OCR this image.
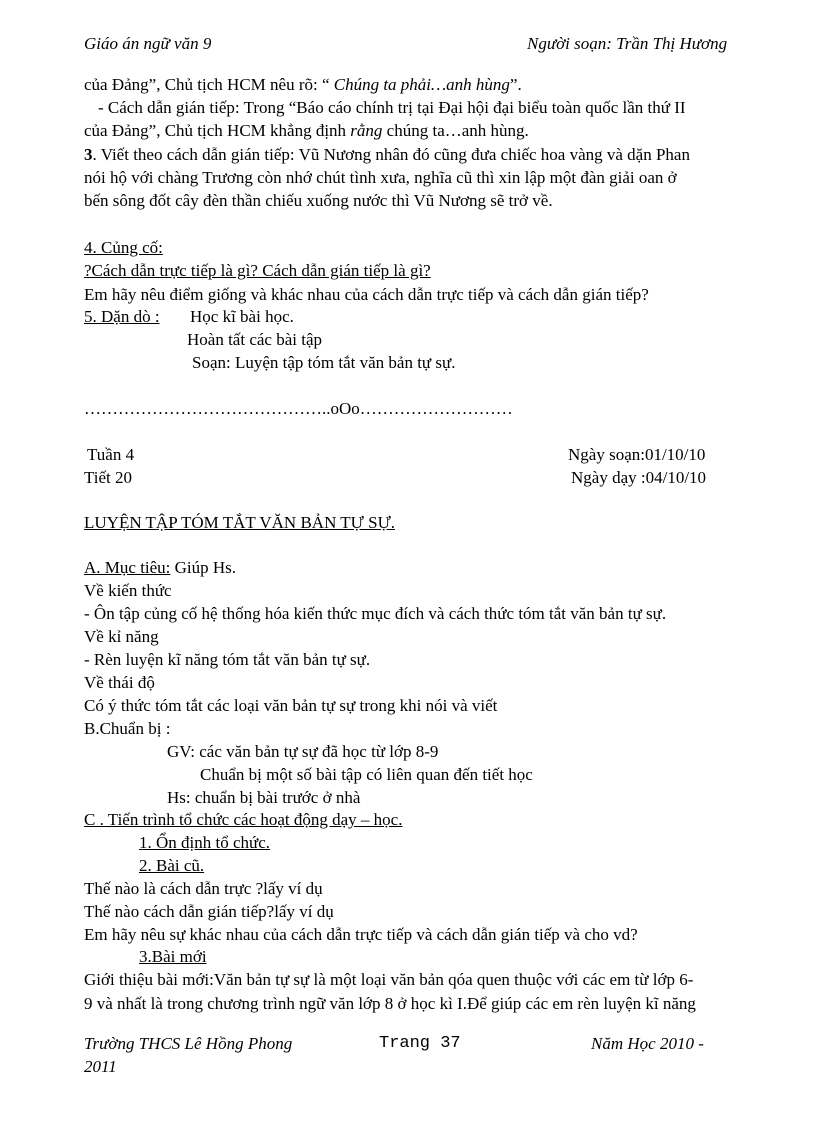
Giáo án ngữ văn 9	Người soạn: Trần Thị Hương
của Đảng”, Chủ tịch HCM nêu rõ: “ Chúng ta phải…anh hùng”.
- Cách dẫn gián tiếp: Trong “Báo cáo chính trị tại Đại hội đại biểu toàn quốc lần thứ II
của Đảng”, Chủ tịch HCM khẳng định rằng chúng ta…anh hùng.
3. Viết theo cách dẫn gián tiếp: Vũ Nương nhân đó cũng đưa chiếc hoa vàng và dặn Phan
nói hộ với chàng Trương còn nhớ chút tình xưa, nghĩa cũ thì xin lập một đàn giải oan ở
bến sông đốt cây đèn thần chiếu xuống nước thì Vũ Nương sẽ trở về.
4. Củng cố:
?Cách dẫn trực tiếp là gì? Cách dẫn gián tiếp là gì?
Em hãy nêu điểm giống và khác nhau của cách dẫn trực tiếp và cách dẫn gián tiếp?
5. Dặn dò : Học kĩ bài học.
Hoàn tất các bài tập
Soạn: Luyện tập tóm tắt văn bản tự sự.
……………………………………..oOo………………………
Tuần 4	Ngày soạn:01/10/10
Tiết 20	Ngày dạy :04/10/10
LUYỆN TẬP TÓM TẮT VĂN BẢN TỰ SỰ.
A. Mục tiêu: Giúp Hs.
Về kiến thức
- Ôn tập củng cố hệ thống hóa kiến thức mục đích và cách thức tóm tắt văn bản tự sự.
Về kỉ năng
- Rèn luyện kĩ năng tóm tắt văn bản tự sự.
Về thái độ
Có ý thức tóm tắt các loại văn bản tự sự trong khi nói và viết
B.Chuẩn bị :
GV: các văn bản tự sự đã học từ lớp 8-9
Chuẩn bị một số bài tập có liên quan đến tiết học
Hs: chuẩn bị bài trước ở nhà
C . Tiến trình tổ chức các hoạt động dạy – học.
1. Ổn định tổ chức.
2. Bài cũ.
Thế nào là cách dẫn trực ?lấy ví dụ
Thế nào cách dẫn gián tiếp?lấy ví dụ
Em hãy nêu sự khác nhau của cách dẫn trực tiếp và cách dẫn gián tiếp và cho vd?
3.Bài mới
Giới thiệu bài mới:Văn bản tự sự là một loại văn bản qóa quen thuộc với các em từ lớp 6-
9 và nhất là trong chương trình ngữ văn lớp 8 ở học kì I.Để giúp các em rèn luyện kĩ năng
Trường THCS Lê Hồng Phong	Trang 37	Năm Học 2010 -
2011
